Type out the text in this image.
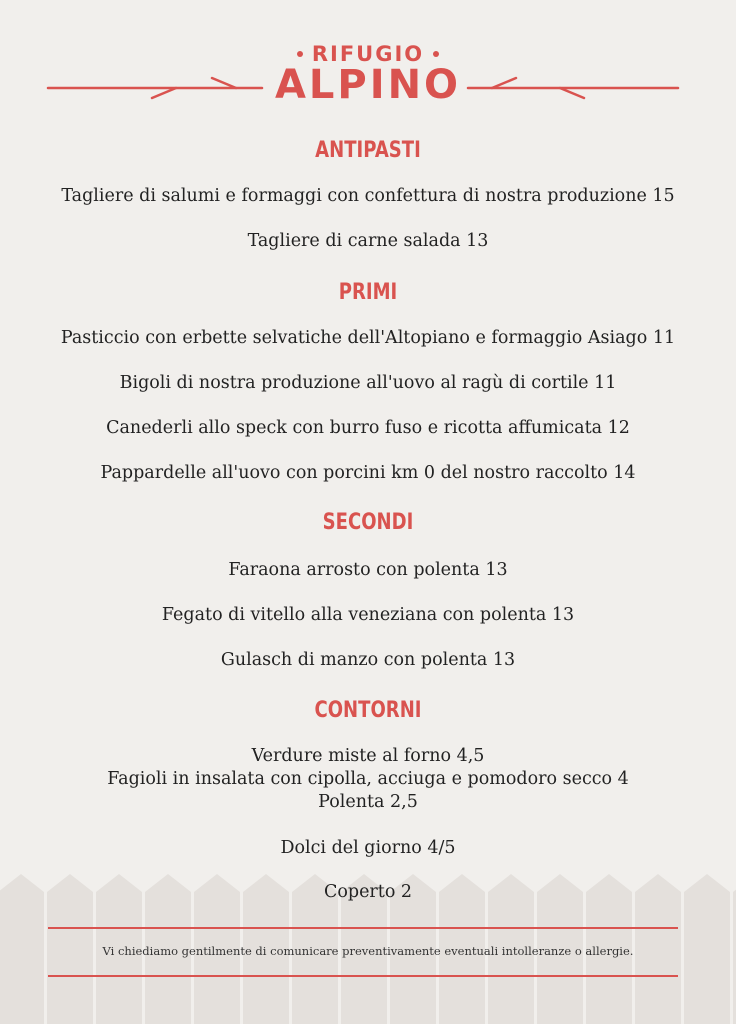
RIFUGIO
ALPINO
ANTIPASTI
Tagliere di salumi e formaggi con confettura di nostra produzione 15
Tagliere di carne salada 13
PRIMI
Pasticcio con erbette selvatiche dell'Altopiano e formaggio Asiago 11
Bigoli di nostra produzione all'uovo al ragù di cortile 11
Canederli allo speck con burro fuso e ricotta affumicata 12
Pappardelle all'uovo con porcini km 0 del nostro raccolto 14
SECONDI
Faraona arrosto con polenta 13
Fegato di vitello alla veneziana con polenta 13
Gulasch di manzo con polenta 13
CONTORNI
Verdure miste al forno 4,5
Fagioli in insalata con cipolla, acciuga e pomodoro secco 4
Polenta 2,5
Dolci del giorno 4/5
Coperto 2
Vi chiediamo gentilmente di comunicare preventivamente eventuali intolleranze o allergie.
